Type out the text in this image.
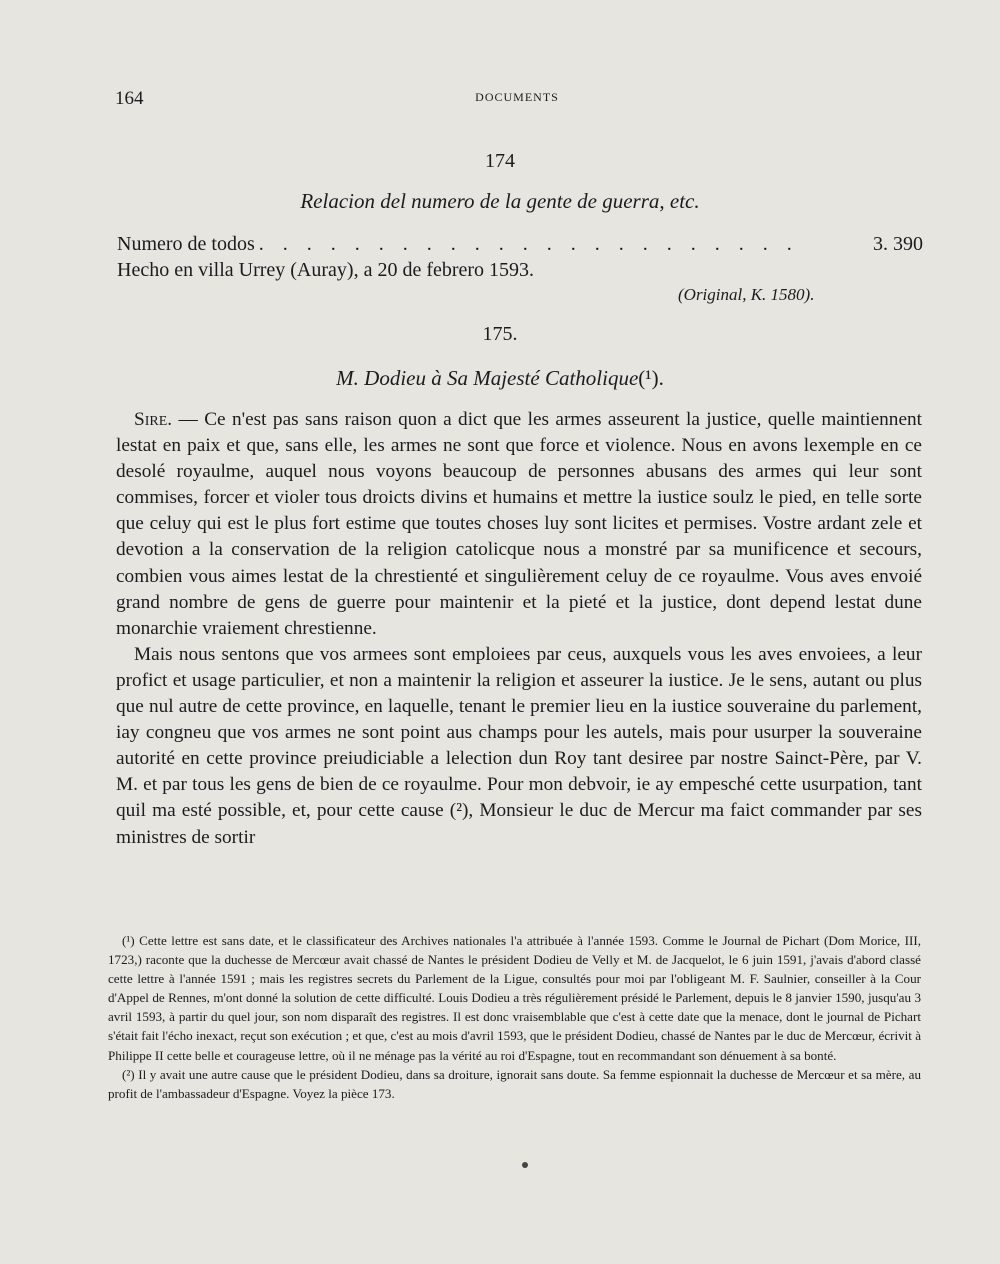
164	DOCUMENTS
174
Relacion del numero de la gente de guerra, etc.
Numero de todos . . . . . . . . . . . . . . . . . . . . . . .	3. 390
Hecho en villa Urrey (Auray), a 20 de febrero 1593.
(Original, K. 1580).
175.
M. Dodieu à Sa Majesté Catholique(¹).

Sire. — Ce n'est pas sans raison quon a dict que les armes asseurent la justice, quelle maintiennent lestat en paix et que, sans elle, les armes ne sont que force et violence. Nous en avons lexemple en ce desolé royaulme, auquel nous voyons beaucoup de personnes abusans des armes qui leur sont commises, forcer et violer tous droicts divins et humains et mettre la iustice soulz le pied, en telle sorte que celuy qui est le plus fort estime que toutes choses luy sont licites et permises. Vostre ardant zele et devotion a la conservation de la religion catolicque nous a monstré par sa munificence et secours, combien vous aimes lestat de la chrestienté et singulièrement celuy de ce royaulme. Vous aves envoié grand nombre de gens de guerre pour maintenir et la pieté et la justice, dont depend lestat dune monarchie vraiement chrestienne.

Mais nous sentons que vos armees sont emploiees par ceus, auxquels vous les aves envoiees, a leur profict et usage particulier, et non a maintenir la religion et asseurer la iustice. Je le sens, autant ou plus que nul autre de cette province, en laquelle, tenant le premier lieu en la iustice souveraine du parlement, iay congneu que vos armes ne sont point aus champs pour les autels, mais pour usurper la souveraine autorité en cette province preiudiciable a lelection dun Roy tant desiree par nostre Sainct-Père, par V. M. et par tous les gens de bien de ce royaulme. Pour mon debvoir, ie ay empesché cette usurpation, tant quil ma esté possible, et, pour cette cause (²), Monsieur le duc de Mercur ma faict commander par ses ministres de sortir

(¹) Cette lettre est sans date, et le classificateur des Archives nationales l'a attribuée à l'année 1593. Comme le Journal de Pichart (Dom Morice, III, 1723,) raconte que la duchesse de Mercœur avait chassé de Nantes le président Dodieu de Velly et M. de Jacquelot, le 6 juin 1591, j'avais d'abord classé cette lettre à l'année 1591 ; mais les registres secrets du Parlement de la Ligue, consultés pour moi par l'obligeant M. F. Saulnier, conseiller à la Cour d'Appel de Rennes, m'ont donné la solution de cette difficulté. Louis Dodieu a très régulièrement présidé le Parlement, depuis le 8 janvier 1590, jusqu'au 3 avril 1593, à partir du quel jour, son nom disparaît des registres. Il est donc vraisemblable que c'est à cette date que la menace, dont le journal de Pichart s'était fait l'écho inexact, reçut son exécution ; et que, c'est au mois d'avril 1593, que le président Dodieu, chassé de Nantes par le duc de Mercœur, écrivit à Philippe II cette belle et courageuse lettre, où il ne ménage pas la vérité au roi d'Espagne, tout en recommandant son dénuement à sa bonté.

(²) Il y avait une autre cause que le président Dodieu, dans sa droiture, ignorait sans doute. Sa femme espionnait la duchesse de Mercœur et sa mère, au profit de l'ambassadeur d'Espagne. Voyez la pièce 173.
